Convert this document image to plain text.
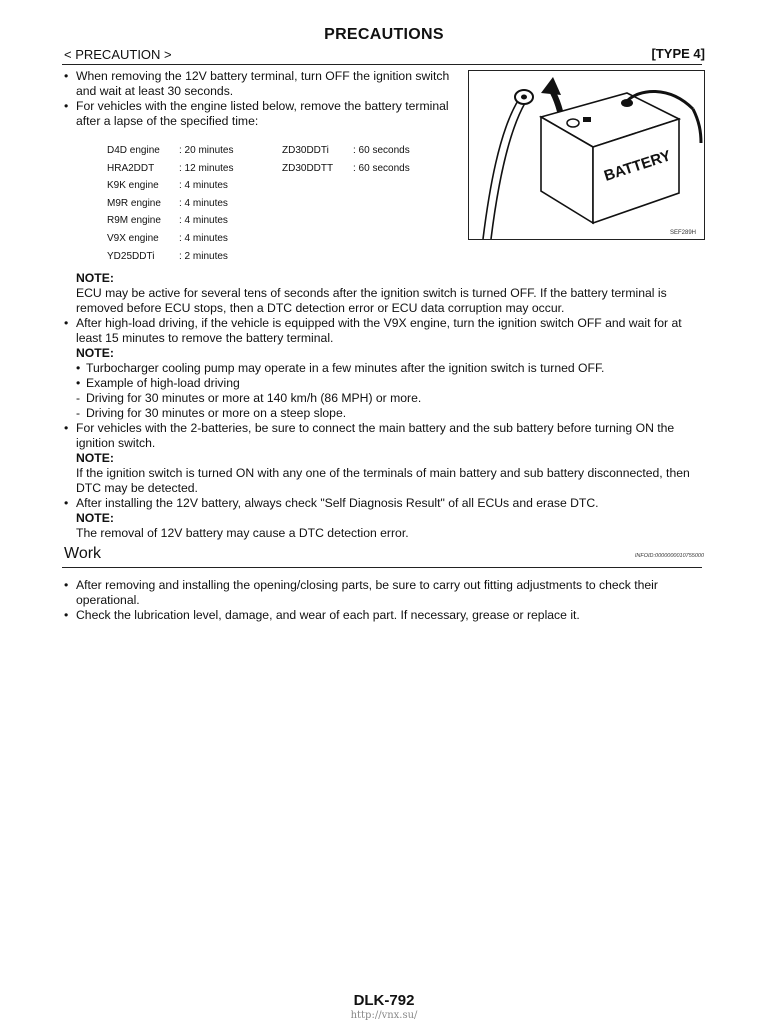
PRECAUTIONS
< PRECAUTION >	[TYPE 4]

• When removing the 12V battery terminal, turn OFF the ignition switch and wait at least 30 seconds.

• For vehicles with the engine listed below, remove the battery terminal after a lapse of the specified time:

BATTERY
SEF289H
D4D engine	: 20 minutes	ZD30DDTi	: 60 seconds
HRA2DDT	: 12 minutes	ZD30DDTT	: 60 seconds
K9K engine	: 4 minutes		
M9R engine	: 4 minutes		
R9M engine	: 4 minutes		
V9X engine	: 4 minutes		
YD25DDTi	: 2 minutes		

NOTE:

ECU may be active for several tens of seconds after the ignition switch is turned OFF. If the battery terminal is removed before ECU stops, then a DTC detection error or ECU data corruption may occur.

• After high-load driving, if the vehicle is equipped with the V9X engine, turn the ignition switch OFF and wait for at least 15 minutes to remove the battery terminal.

NOTE:

• Turbocharger cooling pump may operate in a few minutes after the ignition switch is turned OFF.

• Example of high-load driving

- Driving for 30 minutes or more at 140 km/h (86 MPH) or more.

- Driving for 30 minutes or more on a steep slope.

• For vehicles with the 2-batteries, be sure to connect the main battery and the sub battery before turning ON the ignition switch.

NOTE:

If the ignition switch is turned ON with any one of the terminals of main battery and sub battery disconnected, then DTC may be detected.

• After installing the 12V battery, always check "Self Diagnosis Result" of all ECUs and erase DTC.

NOTE:

The removal of 12V battery may cause a DTC detection error.

Work	INFOID:0000000010755000

• After removing and installing the opening/closing parts, be sure to carry out fitting adjustments to check their operational.

• Check the lubrication level, damage, and wear of each part. If necessary, grease or replace it.

DLK-792
http://vnx.su/
